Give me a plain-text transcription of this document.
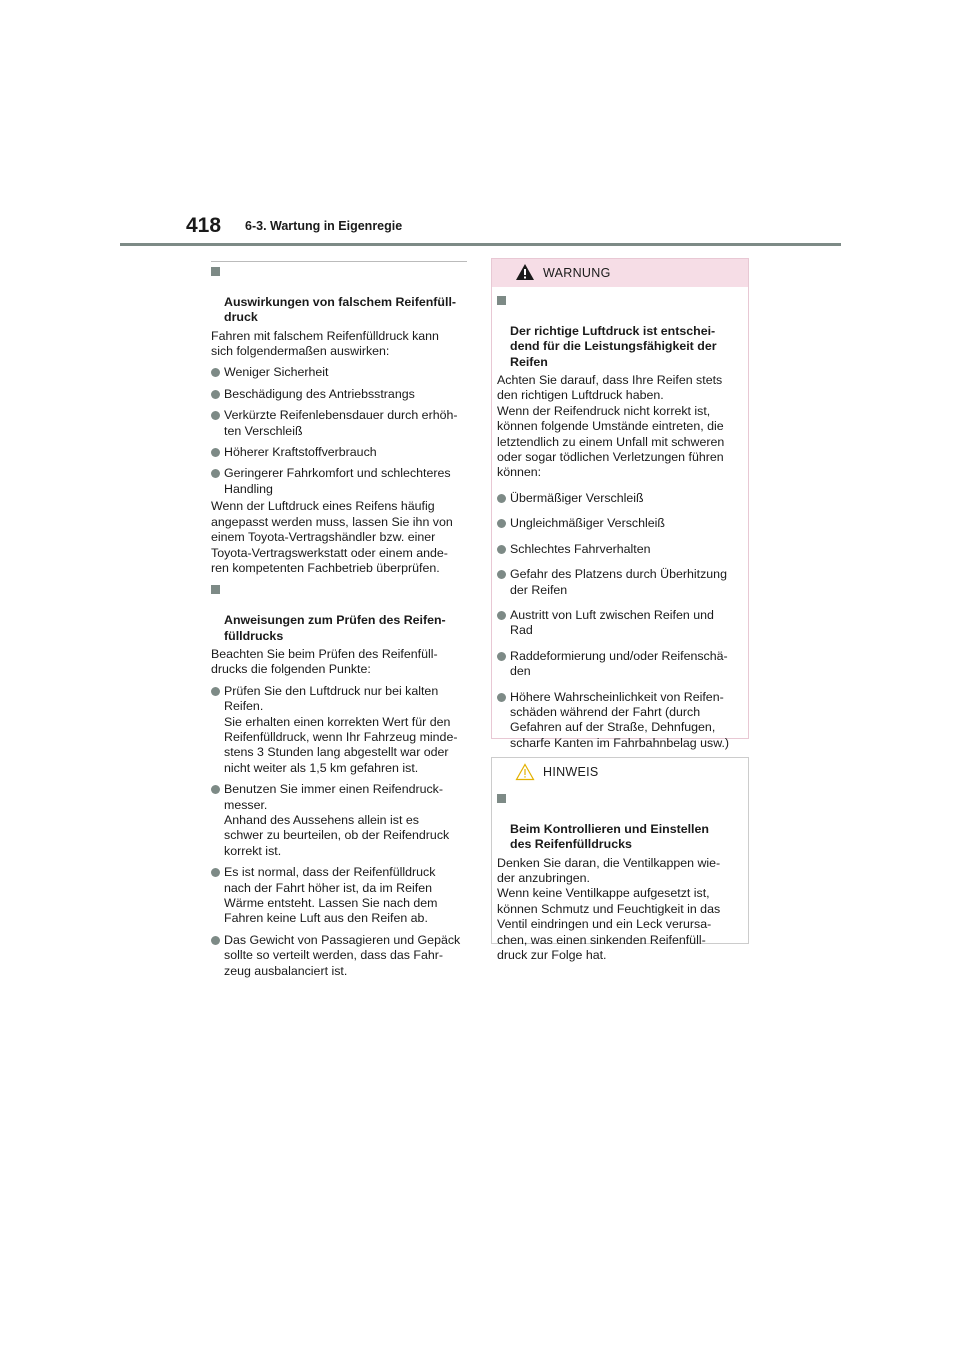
418 6-3. Wartung in Eigenregie

Auswirkungen von falschem Reifenfüll-
druck

Fahren mit falschem Reifenfülldruck kann
sich folgendermaßen auswirken:
Weniger Sicherheit
Beschädigung des Antriebsstrangs
Verkürzte Reifenlebensdauer durch erhöh-
ten Verschleiß
Höherer Kraftstoffverbrauch
Geringerer Fahrkomfort und schlechteres
Handling
Wenn der Luftdruck eines Reifens häufig
angepasst werden muss, lassen Sie ihn von
einem Toyota-Vertragshändler bzw. einer
Toyota-Vertragswerkstatt oder einem ande-
ren kompetenten Fachbetrieb überprüfen.

Anweisungen zum Prüfen des Reifen-
fülldrucks

Beachten Sie beim Prüfen des Reifenfüll-
drucks die folgenden Punkte:
Prüfen Sie den Luftdruck nur bei kalten
Reifen.
Sie erhalten einen korrekten Wert für den
Reifenfülldruck, wenn Ihr Fahrzeug minde-
stens 3 Stunden lang abgestellt war oder
nicht weiter als 1,5 km gefahren ist.
Benutzen Sie immer einen Reifendruck-
messer.
Anhand des Aussehens allein ist es
schwer zu beurteilen, ob der Reifendruck
korrekt ist.
Es ist normal, dass der Reifenfülldruck
nach der Fahrt höher ist, da im Reifen
Wärme entsteht. Lassen Sie nach dem
Fahren keine Luft aus den Reifen ab.
Das Gewicht von Passagieren und Gepäck
sollte so verteilt werden, dass das Fahr-
zeug ausbalanciert ist.
WARNUNG

Der richtige Luftdruck ist entschei-
dend für die Leistungsfähigkeit der
Reifen

Achten Sie darauf, dass Ihre Reifen stets
den richtigen Luftdruck haben.
Wenn der Reifendruck nicht korrekt ist,
können folgende Umstände eintreten, die
letztendlich zu einem Unfall mit schweren
oder sogar tödlichen Verletzungen führen
können:
Übermäßiger Verschleiß
Ungleichmäßiger Verschleiß
Schlechtes Fahrverhalten
Gefahr des Platzens durch Überhitzung
der Reifen
Austritt von Luft zwischen Reifen und
Rad
Raddeformierung und/oder Reifenschä-
den
Höhere Wahrscheinlichkeit von Reifen-
schäden während der Fahrt (durch
Gefahren auf der Straße, Dehnfugen,
scharfe Kanten im Fahrbahnbelag usw.)
HINWEIS

Beim Kontrollieren und Einstellen
des Reifenfülldrucks

Denken Sie daran, die Ventilkappen wie-
der anzubringen.
Wenn keine Ventilkappe aufgesetzt ist,
können Schmutz und Feuchtigkeit in das
Ventil eindringen und ein Leck verursa-
chen, was einen sinkenden Reifenfüll-
druck zur Folge hat.
